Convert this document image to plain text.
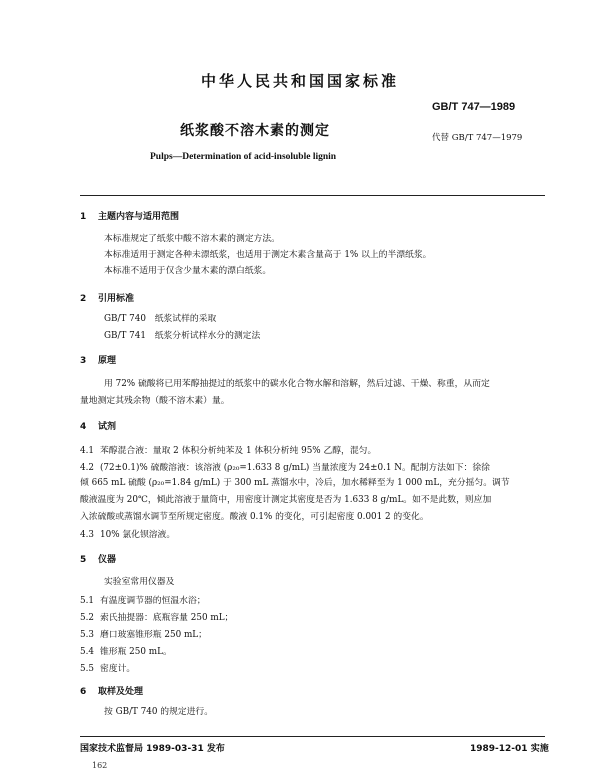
中华人民共和国国家标准
GB/T 747—1989
纸浆酸不溶木素的测定	代替 GB/T 747—1979
Pulps—Determination of acid-insoluble lignin
1 主题内容与适用范围
本标准规定了纸浆中酸不溶木素的测定方法。
本标准适用于测定各种未漂纸浆，也适用于测定木素含量高于 1% 以上的半漂纸浆。
本标准不适用于仅含少量木素的漂白纸浆。
2 引用标准
GB/T 740　纸浆试样的采取
GB/T 741　纸浆分析试样水分的测定法
3 原理
用 72% 硫酸将已用苯醇抽提过的纸浆中的碳水化合物水解和溶解，然后过滤、干燥、称重，从而定
量地测定其残余物（酸不溶木素）量。
4 试剂
4.1 苯醇混合液：量取 2 体积分析纯苯及 1 体积分析纯 95% 乙醇，混匀。
4.2 (72±0.1)% 硫酸溶液：该溶液 (ρ₂₀=1.633 8 g/mL) 当量浓度为 24±0.1 N。配制方法如下：徐徐
倾 665 mL 硫酸 (ρ₂₀=1.84 g/mL) 于 300 mL 蒸馏水中，冷后，加水稀释至为 1 000 mL，充分摇匀。调节
酸液温度为 20℃，倾此溶液于量筒中，用密度计测定其密度是否为 1.633 8 g/mL。如不是此数，则应加
入浓硫酸或蒸馏水调节至所规定密度。酸液 0.1% 的变化，可引起密度 0.001 2 的变化。
4.3 10% 氯化钡溶液。
5 仪器
实验室常用仪器及
5.1 有温度调节器的恒温水浴；
5.2 索氏抽提器：底瓶容量 250 mL；
5.3 磨口玻塞锥形瓶 250 mL；
5.4 锥形瓶 250 mL。
5.5 密度计。
6 取样及处理
按 GB/T 740 的规定进行。
国家技术监督局 1989-03-31 发布	1989-12-01 实施
162
